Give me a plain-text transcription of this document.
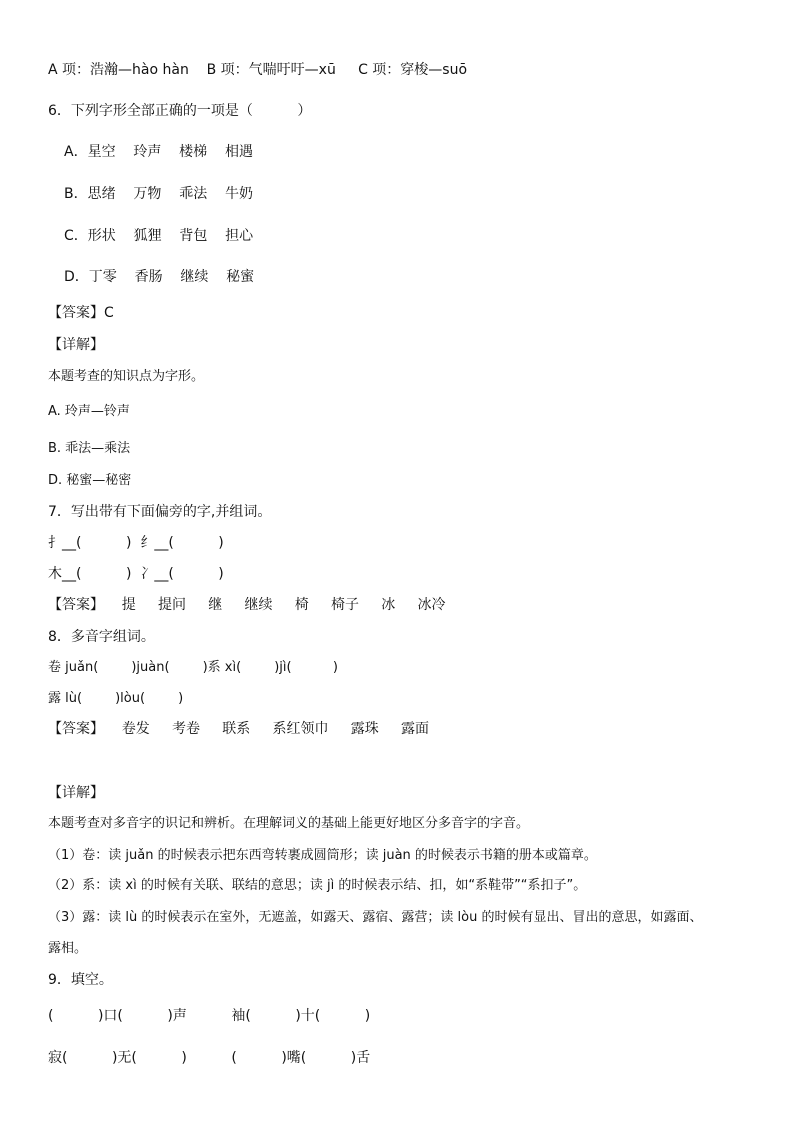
A 项：浩瀚—hào hàn    B 项：气喘吁吁—xū     C 项：穿梭—suō
6．下列字形全部正确的一项是（          ）
A．星空    玲声    楼梯    相遇
B．思绪    万物    乖法    牛奶
C．形状    狐狸    背包    担心
D．丁零    香肠    继续    秘蜜
【答案】C
【详解】
本题考查的知识点为字形。
A. 玲声—铃声
B. 乖法—乘法
D. 秘蜜—秘密
7．写出带有下面偏旁的字,并组词。
扌__(          )  纟__(          )
木__(          )  冫__(          )
【答案】    提     提问     继     继续     椅     椅子     冰     冰冷
8．多音字组词。
卷 juǎn(        )juàn(        )系 xì(        )jì(          )
露 lù(        )lòu(        )
【答案】    卷发     考卷     联系     系红领巾     露珠     露面
【详解】
本题考查对多音字的识记和辨析。在理解词义的基础上能更好地区分多音字的字音。
（1）卷：读 juǎn 的时候表示把东西弯转裹成圆筒形；读 juàn 的时候表示书籍的册本或篇章。
（2）系：读 xì 的时候有关联、联结的意思；读 jì 的时候表示结、扣，如“系鞋带”“系扣子”。
（3）露：读 lù 的时候表示在室外，无遮盖，如露天、露宿、露营；读 lòu 的时候有显出、冒出的意思，如露面、
露相。
9．填空。
(          )口(          )声          袖(          )十(          )
寂(          )无(          )          (          )嘴(          )舌
